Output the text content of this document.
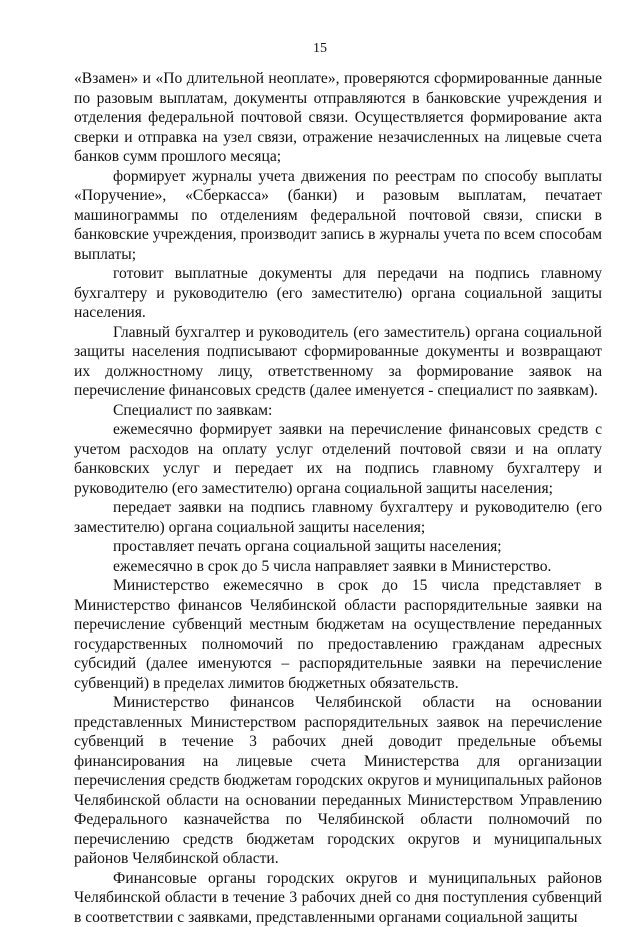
15

«Взамен» и «По длительной неоплате», проверяются сформированные данные по разовым выплатам, документы отправляются в банковские учреждения и отделения федеральной почтовой связи. Осуществляется формирование акта сверки и отправка на узел связи, отражение незачисленных на лицевые счета банков сумм прошлого месяца;

формирует журналы учета движения по реестрам по способу выплаты «Поручение», «Сберкасса» (банки) и разовым выплатам, печатает машинограммы по отделениям федеральной почтовой связи, списки в банковские учреждения, производит запись в журналы учета по всем способам выплаты;

готовит выплатные документы для передачи на подпись главному бухгалтеру и руководителю (его заместителю) органа социальной защиты населения.

Главный бухгалтер и руководитель (его заместитель) органа социальной защиты населения подписывают сформированные документы и возвращают их должностному лицу, ответственному за формирование заявок на перечисление финансовых средств (далее именуется - специалист по заявкам).

Специалист по заявкам:

ежемесячно формирует заявки на перечисление финансовых средств с учетом расходов на оплату услуг отделений почтовой связи и на оплату банковских услуг и передает их на подпись главному бухгалтеру и руководителю (его заместителю) органа социальной защиты населения;

передает заявки на подпись главному бухгалтеру и руководителю (его заместителю) органа социальной защиты населения;

проставляет печать органа социальной защиты населения;

ежемесячно в срок до 5 числа направляет заявки в Министерство.

Министерство ежемесячно в срок до 15 числа представляет в Министерство финансов Челябинской области распорядительные заявки на перечисление субвенций местным бюджетам на осуществление переданных государственных полномочий по предоставлению гражданам адресных субсидий (далее именуются – распорядительные заявки на перечисление субвенций) в пределах лимитов бюджетных обязательств.

Министерство финансов Челябинской области на основании представленных Министерством распорядительных заявок на перечисление субвенций в течение 3 рабочих дней доводит предельные объемы финансирования на лицевые счета Министерства для организации перечисления средств бюджетам городских округов и муниципальных районов Челябинской области на основании переданных Министерством Управлению Федерального казначейства по Челябинской области полномочий по перечислению средств бюджетам городских округов и муниципальных районов Челябинской области.

Финансовые органы городских округов и муниципальных районов Челябинской области в течение 3 рабочих дней со дня поступления субвенций в соответствии с заявками, представленными органами социальной защиты
